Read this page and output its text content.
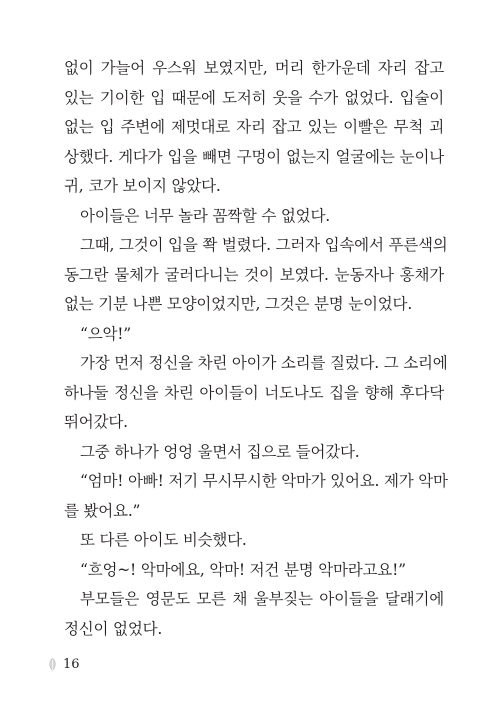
없이 가늘어 우스워 보였지만, 머리 한가운데 자리 잡고
있는 기이한 입 때문에 도저히 웃을 수가 없었다. 입술이
없는 입 주변에 제멋대로 자리 잡고 있는 이빨은 무척 괴
상했다. 게다가 입을 빼면 구멍이 없는지 얼굴에는 눈이나
귀, 코가 보이지 않았다.
아이들은 너무 놀라 꼼짝할 수 없었다.
그때, 그것이 입을 쫙 벌렸다. 그러자 입속에서 푸른색의
동그란 물체가 굴러다니는 것이 보였다. 눈동자나 홍채가
없는 기분 나쁜 모양이었지만, 그것은 분명 눈이었다.
“으악!”
가장 먼저 정신을 차린 아이가 소리를 질렀다. 그 소리에
하나둘 정신을 차린 아이들이 너도나도 집을 향해 후다닥
뛰어갔다.
그중 하나가 엉엉 울면서 집으로 들어갔다.
“엄마! 아빠! 저기 무시무시한 악마가 있어요. 제가 악마
를 봤어요.”
또 다른 아이도 비슷했다.
“흐엉~! 악마에요, 악마! 저건 분명 악마라고요!”
부모들은 영문도 모른 채 울부짖는 아이들을 달래기에
정신이 없었다.
16
